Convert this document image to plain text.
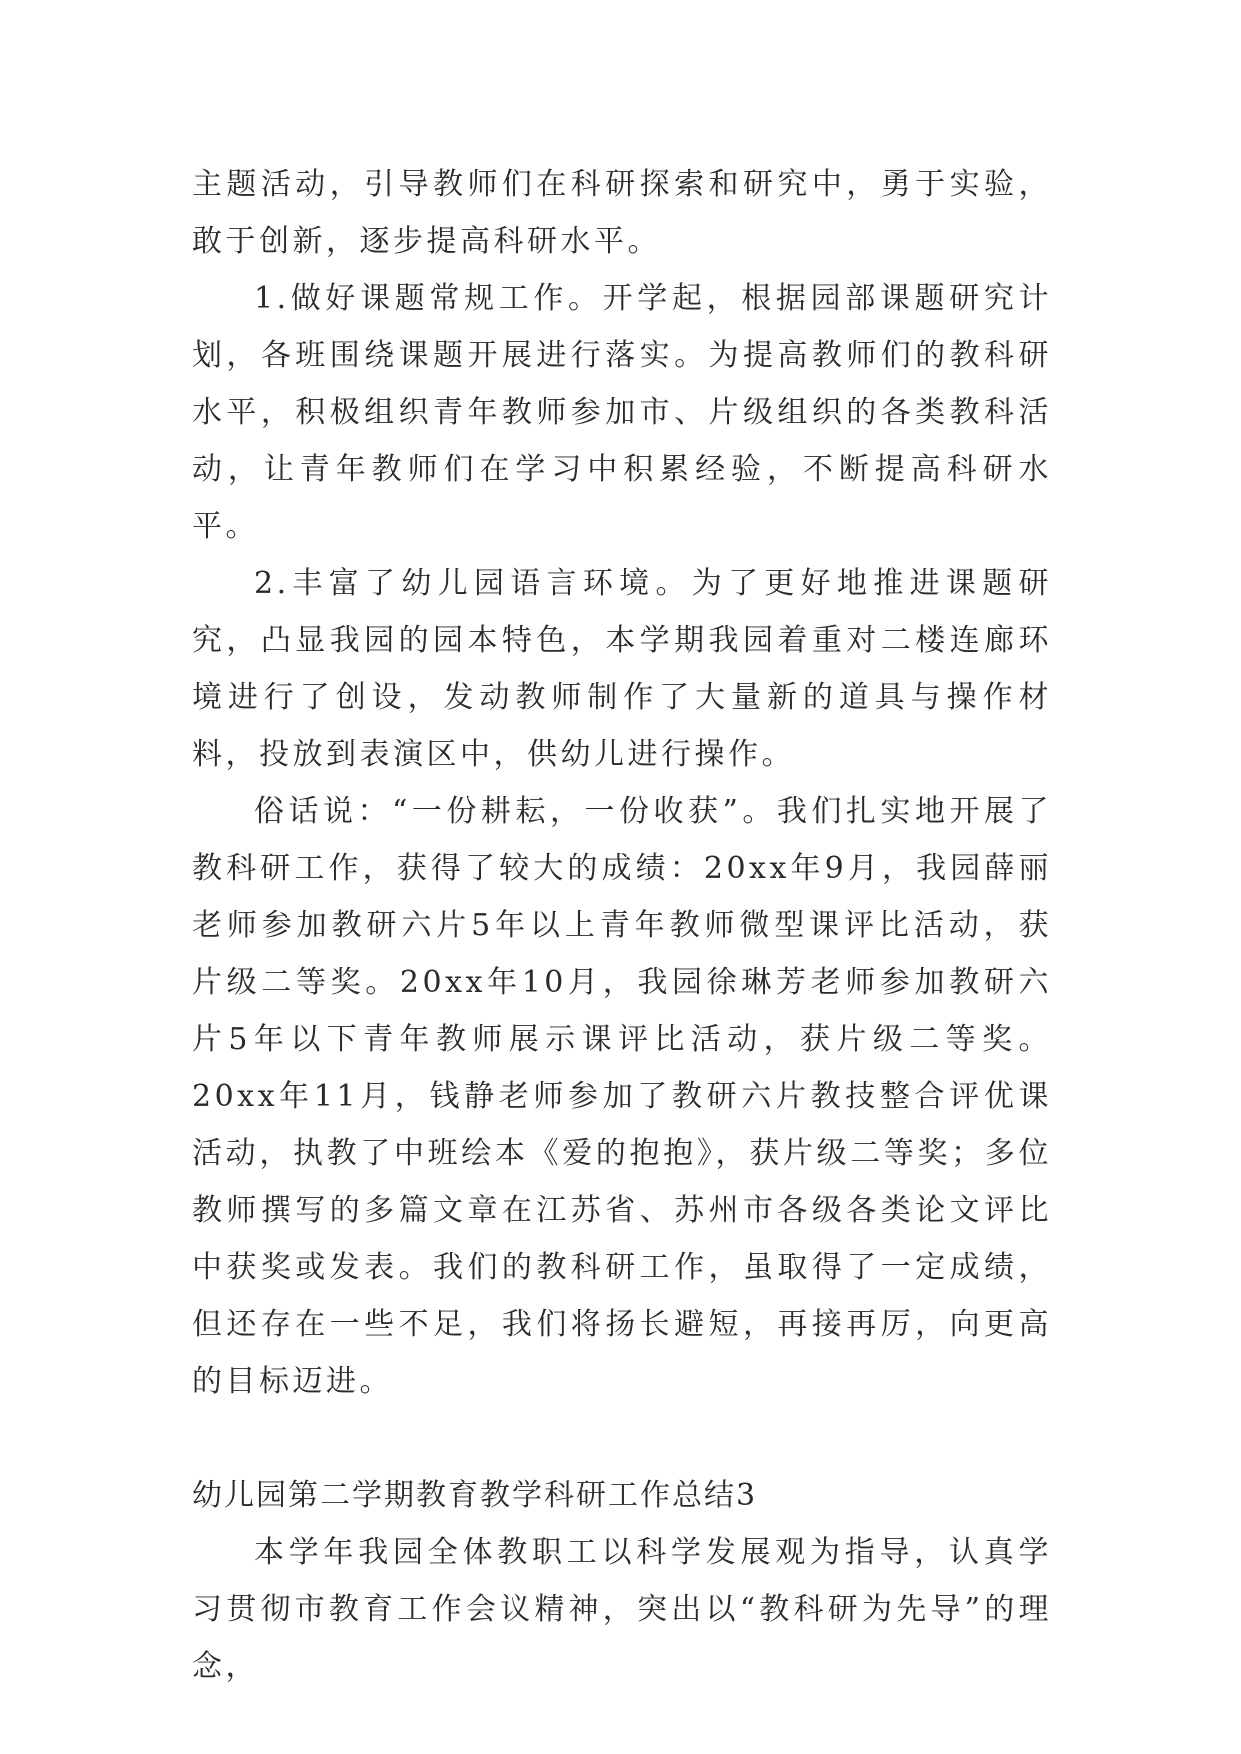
主题活动，引导教师们在科研探索和研究中，勇于实验，敢于创新，逐步提高科研水平。

1.做好课题常规工作。开学起，根据园部课题研究计划，各班围绕课题开展进行落实。为提高教师们的教科研水平，积极组织青年教师参加市、片级组织的各类教科活动，让青年教师们在学习中积累经验，不断提高科研水平。

2.丰富了幼儿园语言环境。为了更好地推进课题研究，凸显我园的园本特色，本学期我园着重对二楼连廊环境进行了创设，发动教师制作了大量新的道具与操作材料，投放到表演区中，供幼儿进行操作。

俗话说：“一份耕耘，一份收获”。我们扎实地开展了教科研工作，获得了较大的成绩：20xx年9月，我园薛丽老师参加教研六片5年以上青年教师微型课评比活动，获片级二等奖。20xx年10月，我园徐琳芳老师参加教研六片5年以下青年教师展示课评比活动，获片级二等奖。20xx年11月，钱静老师参加了教研六片教技整合评优课活动，执教了中班绘本《爱的抱抱》，获片级二等奖；多位教师撰写的多篇文章在江苏省、苏州市各级各类论文评比中获奖或发表。我们的教科研工作，虽取得了一定成绩，但还存在一些不足，我们将扬长避短，再接再厉，向更高的目标迈进。

幼儿园第二学期教育教学科研工作总结3

本学年我园全体教职工以科学发展观为指导，认真学习贯彻市教育工作会议精神，突出以“教科研为先导”的理念，
